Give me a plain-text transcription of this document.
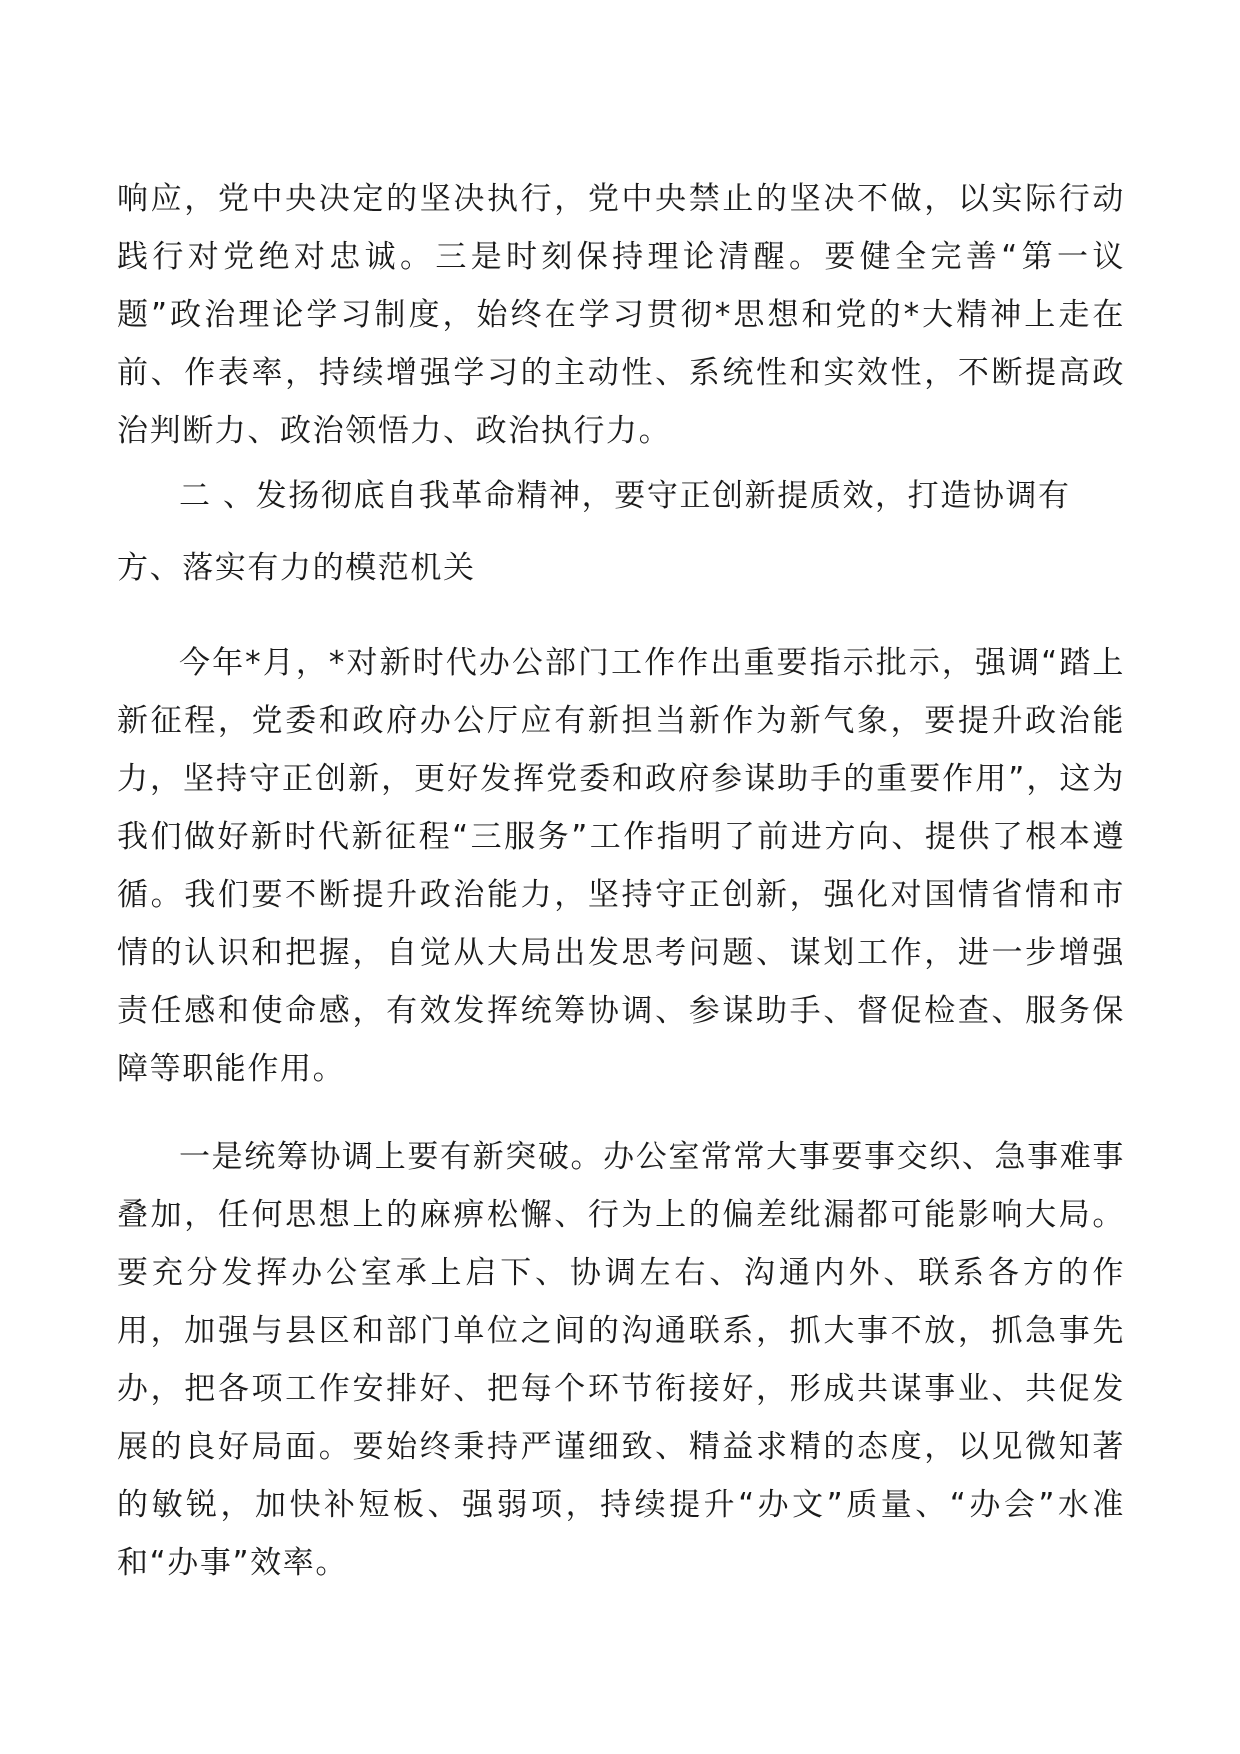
响应，党中央决定的坚决执行，党中央禁止的坚决不做，以实际行动践行对党绝对忠诚。三是时刻保持理论清醒。要健全完善“第一议题”政治理论学习制度，始终在学习贯彻*思想和党的*大精神上走在前、作表率，持续增强学习的主动性、系统性和实效性，不断提高政治判断力、政治领悟力、政治执行力。

二 、发扬彻底自我革命精神，要守正创新提质效，打造协调有方、落实有力的模范机关

今年*月，*对新时代办公部门工作作出重要指示批示，强调“踏上新征程，党委和政府办公厅应有新担当新作为新气象，要提升政治能力，坚持守正创新，更好发挥党委和政府参谋助手的重要作用”，这为我们做好新时代新征程“三服务”工作指明了前进方向、提供了根本遵循。我们要不断提升政治能力，坚持守正创新，强化对国情省情和市情的认识和把握，自觉从大局出发思考问题、谋划工作，进一步增强责任感和使命感，有效发挥统筹协调、参谋助手、督促检查、服务保障等职能作用。

一是统筹协调上要有新突破。办公室常常大事要事交织、急事难事叠加，任何思想上的麻痹松懈、行为上的偏差纰漏都可能影响大局。要充分发挥办公室承上启下、协调左右、沟通内外、联系各方的作用，加强与县区和部门单位之间的沟通联系，抓大事不放，抓急事先办，把各项工作安排好、把每个环节衔接好，形成共谋事业、共促发展的良好局面。要始终秉持严谨细致、精益求精的态度，以见微知著的敏锐，加快补短板、强弱项，持续提升“办文”质量、“办会”水准和“办事”效率。
